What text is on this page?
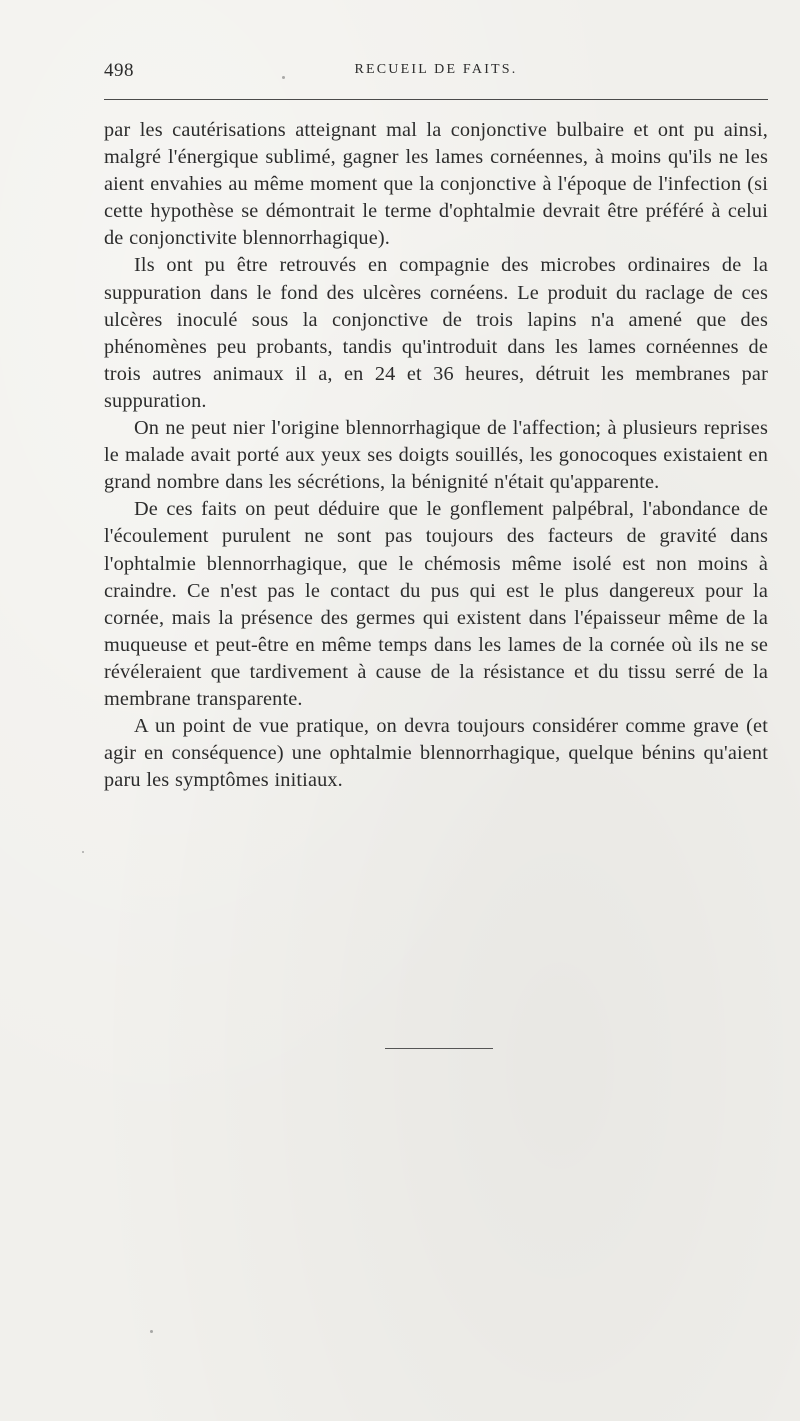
498	RECUEIL DE FAITS.

par les cautérisations atteignant mal la conjonctive bulbaire et ont pu ainsi, malgré l'énergique sublimé, gagner les lames cornéennes, à moins qu'ils ne les aient envahies au même moment que la conjonctive à l'époque de l'infection (si cette hypothèse se démontrait le terme d'ophtalmie devrait être préféré à celui de conjonctivite blennorrhagique).

Ils ont pu être retrouvés en compagnie des microbes ordinaires de la suppuration dans le fond des ulcères cornéens. Le produit du raclage de ces ulcères inoculé sous la conjonctive de trois lapins n'a amené que des phénomènes peu probants, tandis qu'introduit dans les lames cornéennes de trois autres animaux il a, en 24 et 36 heures, détruit les membranes par suppuration.

On ne peut nier l'origine blennorrhagique de l'affection; à plusieurs reprises le malade avait porté aux yeux ses doigts souillés, les gonocoques existaient en grand nombre dans les sécrétions, la bénignité n'était qu'apparente.

De ces faits on peut déduire que le gonflement palpébral, l'abondance de l'écoulement purulent ne sont pas toujours des facteurs de gravité dans l'ophtalmie blennorrhagique, que le chémosis même isolé est non moins à craindre. Ce n'est pas le contact du pus qui est le plus dangereux pour la cornée, mais la présence des germes qui existent dans l'épaisseur même de la muqueuse et peut-être en même temps dans les lames de la cornée où ils ne se révéleraient que tardivement à cause de la résistance et du tissu serré de la membrane transparente.

A un point de vue pratique, on devra toujours considérer comme grave (et agir en conséquence) une ophtalmie blennorrhagique, quelque bénins qu'aient paru les symptômes initiaux.
